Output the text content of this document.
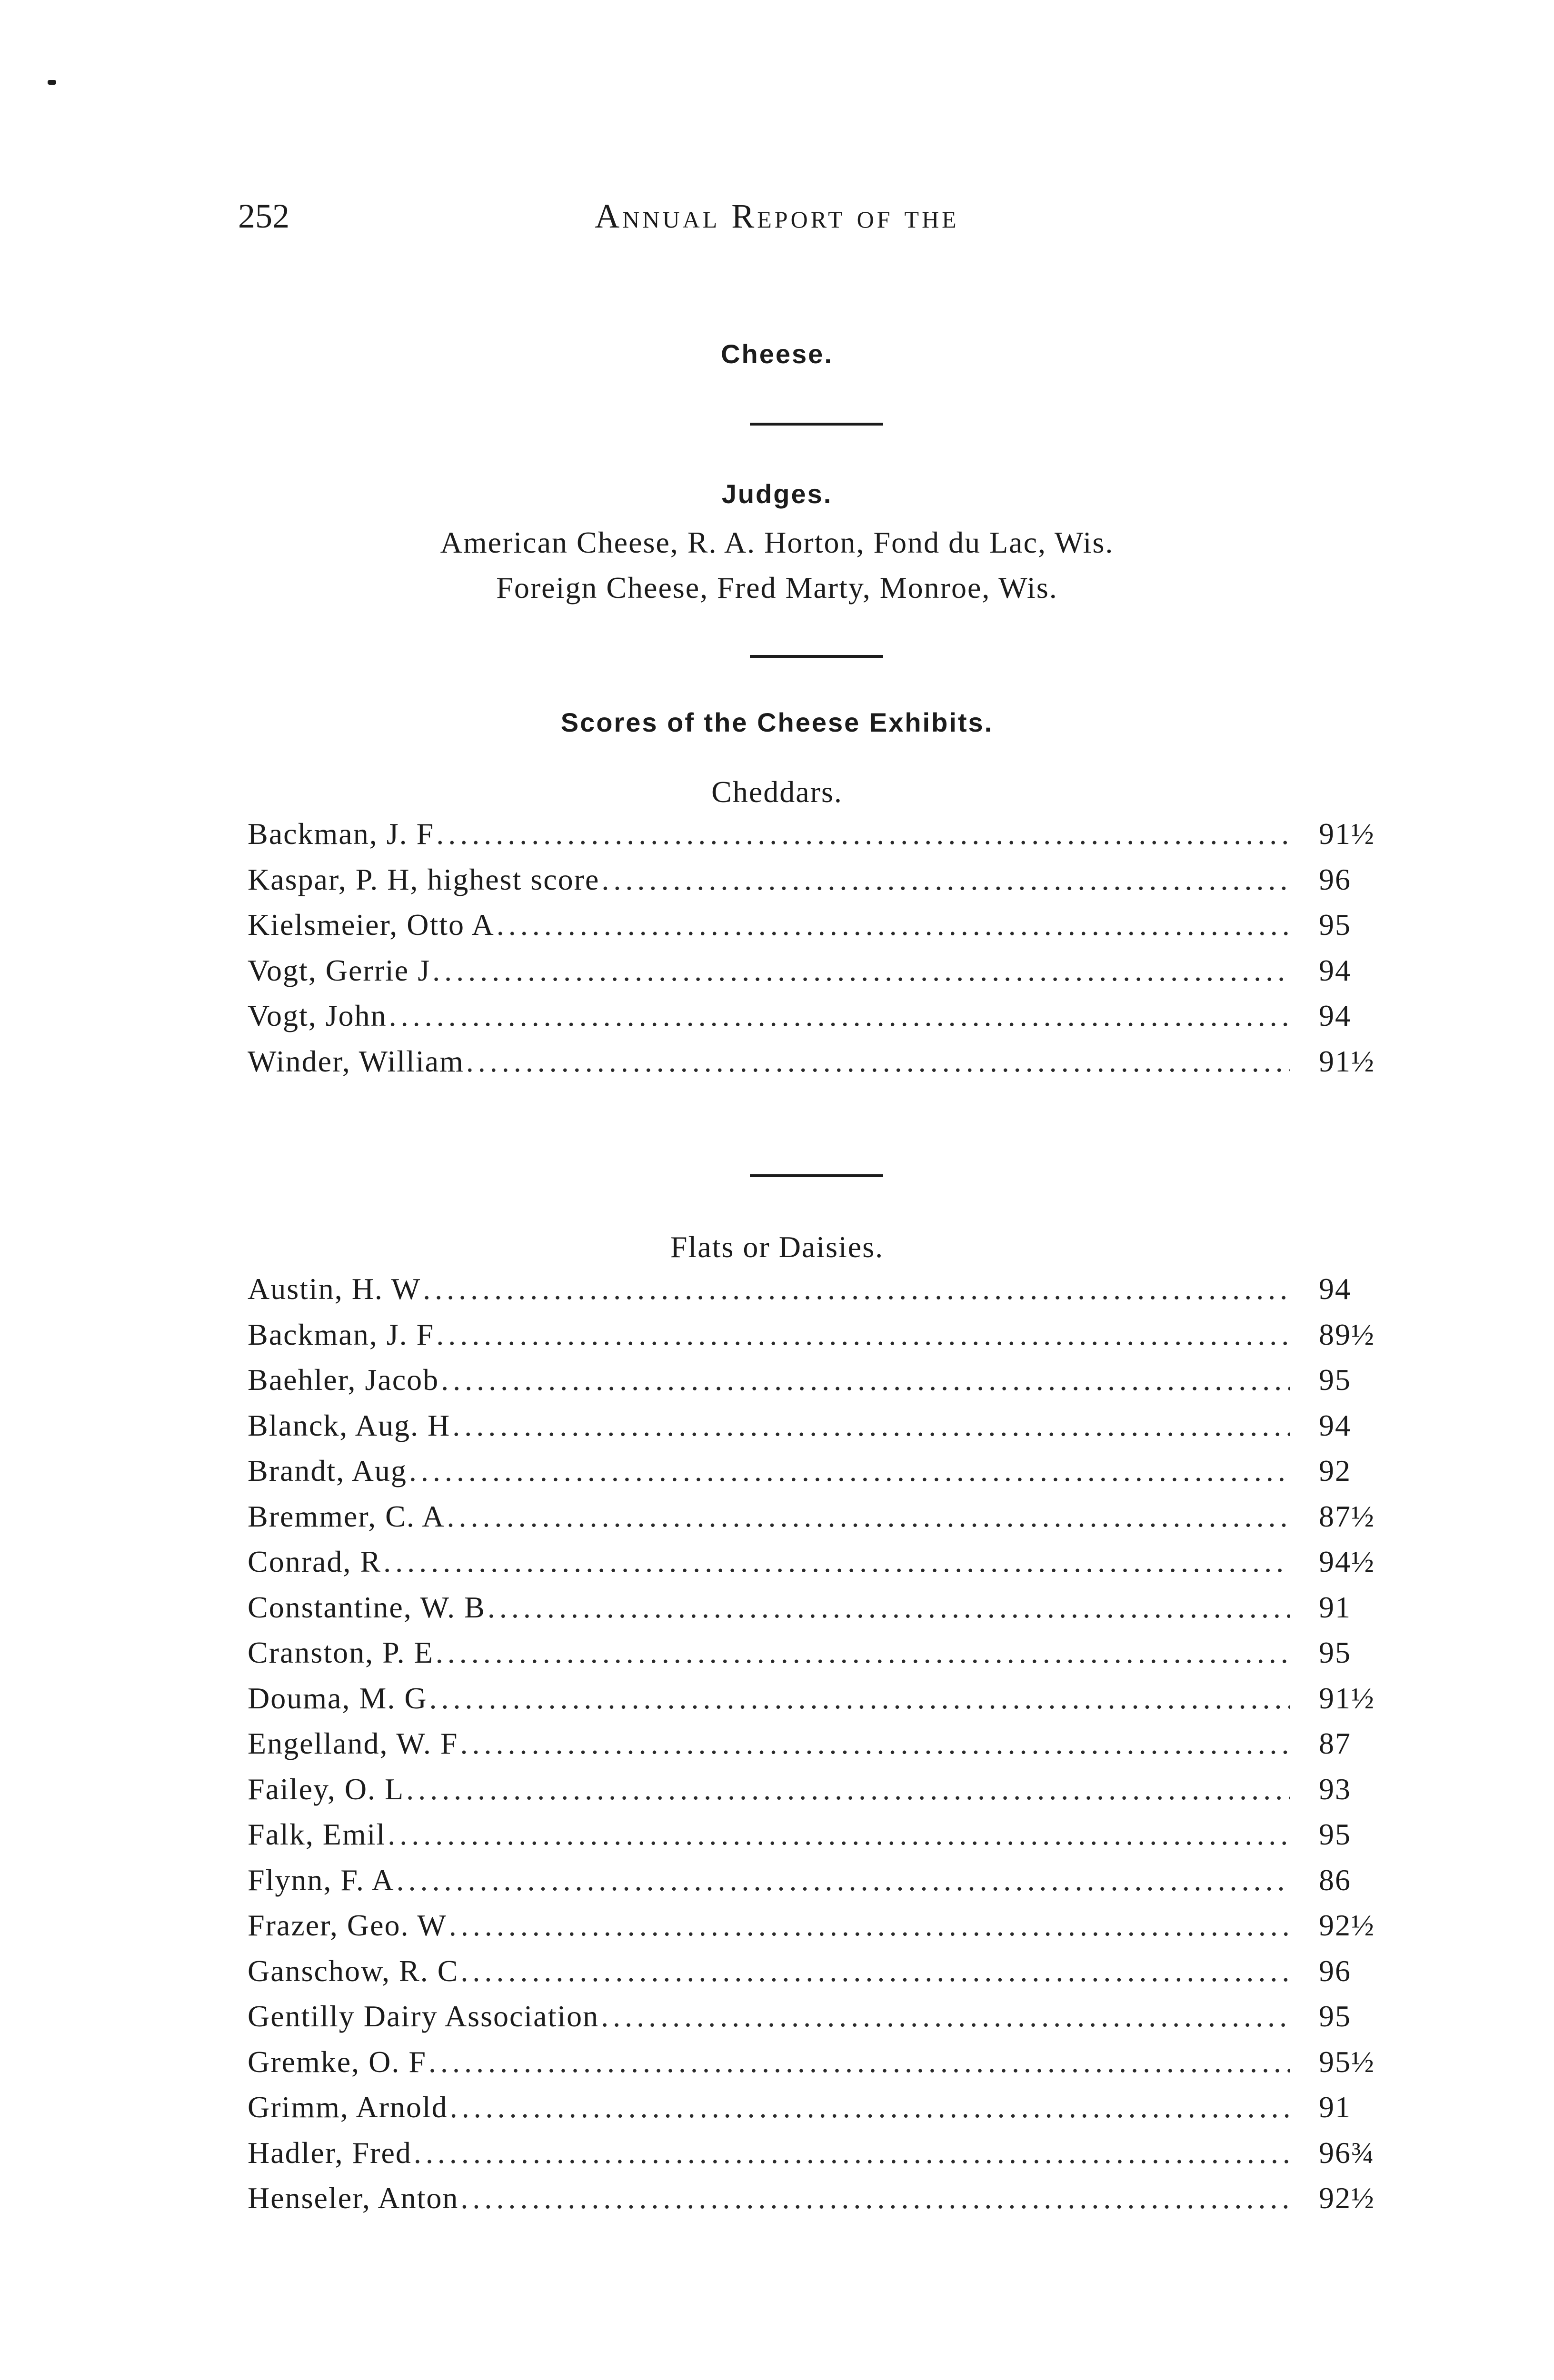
252	Annual Report of the
Cheese.
Judges.
American Cheese, R. A. Horton, Fond du Lac, Wis.
Foreign Cheese, Fred Marty, Monroe, Wis.
Scores of the Cheese Exhibits.
Cheddars.
Backman, J. F .....	91½
Kaspar, P. H, highest score .....	96
Kielsmeier, Otto A .....	95
Vogt, Gerrie J .....	94
Vogt, John .....	94
Winder, William .....	91½
Flats or Daisies.
Austin, H. W .....	94
Backman, J. F .....	89½
Baehler, Jacob .....	95
Blanck, Aug. H .....	94
Brandt, Aug .....	92
Bremmer, C. A .....	87½
Conrad, R .....	94½
Constantine, W. B .....	91
Cranston, P. E .....	95
Douma, M. G .....	91½
Engelland, W. F .....	87
Failey, O. L .....	93
Falk, Emil .....	95
Flynn, F. A .....	86
Frazer, Geo. W .....	92½
Ganschow, R. C .....	96
Gentilly Dairy Association .....	95
Gremke, O. F .....	95½
Grimm, Arnold .....	91
Hadler, Fred .....	96¾
Henseler, Anton .....	92½
